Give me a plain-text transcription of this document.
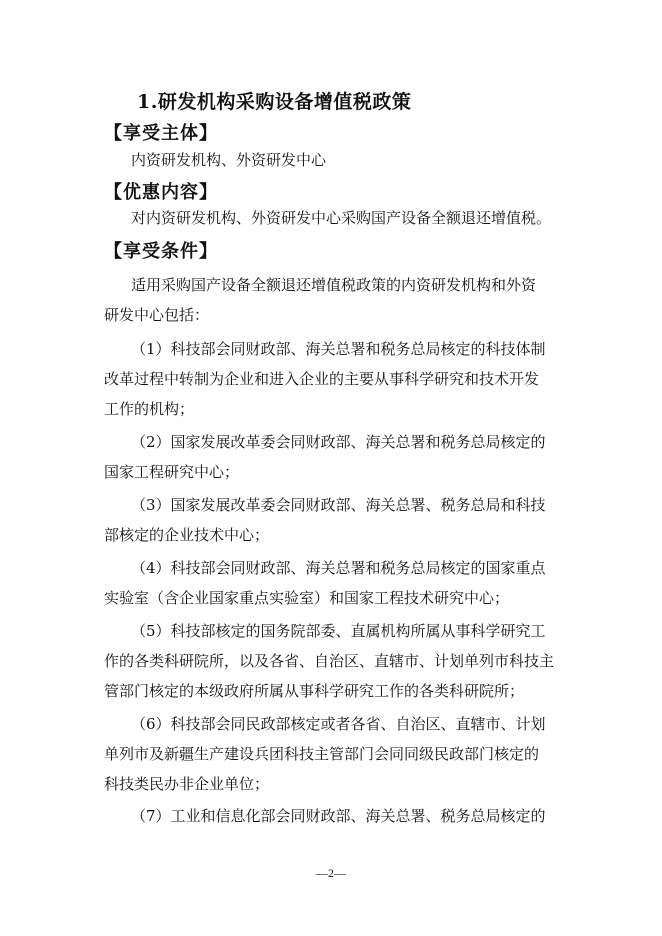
1.研发机构采购设备增值税政策
【享受主体】

内资研发机构、外资研发中心

【优惠内容】

对内资研发机构、外资研发中心采购国产设备全额退还增值税。

【享受条件】

适用采购国产设备全额退还增值税政策的内资研发机构和外资
研发中心包括：

（1）科技部会同财政部、海关总署和税务总局核定的科技体制
改革过程中转制为企业和进入企业的主要从事科学研究和技术开发
工作的机构；

（2）国家发展改革委会同财政部、海关总署和税务总局核定的
国家工程研究中心；

（3）国家发展改革委会同财政部、海关总署、税务总局和科技
部核定的企业技术中心；

（4）科技部会同财政部、海关总署和税务总局核定的国家重点
实验室（含企业国家重点实验室）和国家工程技术研究中心；

（5）科技部核定的国务院部委、直属机构所属从事科学研究工
作的各类科研院所，以及各省、自治区、直辖市、计划单列市科技主
管部门核定的本级政府所属从事科学研究工作的各类科研院所；

（6）科技部会同民政部核定或者各省、自治区、直辖市、计划
单列市及新疆生产建设兵团科技主管部门会同同级民政部门核定的
科技类民办非企业单位；

（7）工业和信息化部会同财政部、海关总署、税务总局核定的

—2—
